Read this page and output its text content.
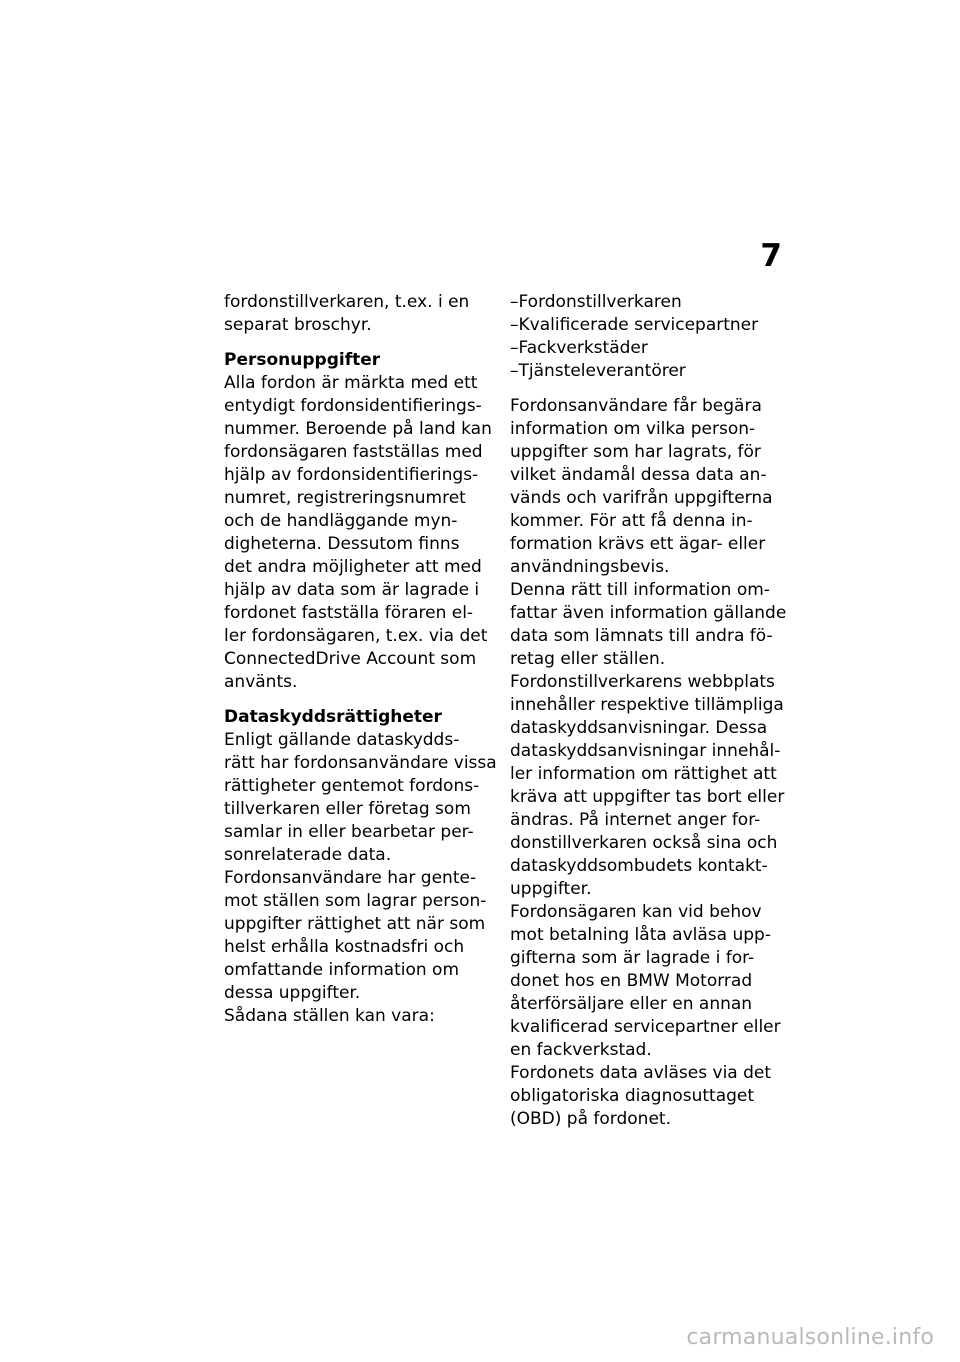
7
fordonstillverkaren, t.ex. i en
separat broschyr.
Personuppgifter
Alla fordon är märkta med ett
entydigt fordonsidentifierings-
nummer. Beroende på land kan
fordonsägaren fastställas med
hjälp av fordonsidentifierings-
numret, registreringsnumret
och de handläggande myn-
digheterna. Dessutom finns
det andra möjligheter att med
hjälp av data som är lagrade i
fordonet fastställa föraren el-
ler fordonsägaren, t.ex. via det
ConnectedDrive Account som
använts.
Dataskyddsrättigheter
Enligt gällande dataskydds-
rätt har fordonsanvändare vissa
rättigheter gentemot fordons-
tillverkaren eller företag som
samlar in eller bearbetar per-
sonrelaterade data.
Fordonsanvändare har gente-
mot ställen som lagrar person-
uppgifter rättighet att när som
helst erhålla kostnadsfri och
omfattande information om
dessa uppgifter.
Sådana ställen kan vara:
–Fordonstillverkaren
–Kvalificerade servicepartner
–Fackverkstäder
–Tjänsteleverantörer
Fordonsanvändare får begära
information om vilka person-
uppgifter som har lagrats, för
vilket ändamål dessa data an-
vänds och varifrån uppgifterna
kommer. För att få denna in-
formation krävs ett ägar- eller
användningsbevis.
Denna rätt till information om-
fattar även information gällande
data som lämnats till andra fö-
retag eller ställen.
Fordonstillverkarens webbplats
innehåller respektive tillämpliga
dataskyddsanvisningar. Dessa
dataskyddsanvisningar innehål-
ler information om rättighet att
kräva att uppgifter tas bort eller
ändras. På internet anger for-
donstillverkaren också sina och
dataskyddsombudets kontakt-
uppgifter.
Fordonsägaren kan vid behov
mot betalning låta avläsa upp-
gifterna som är lagrade i for-
donet hos en BMW Motorrad
återförsäljare eller en annan
kvalificerad servicepartner eller
en fackverkstad.
Fordonets data avläses via det
obligatoriska diagnosuttaget
(OBD) på fordonet.
carmanualsonline.info
